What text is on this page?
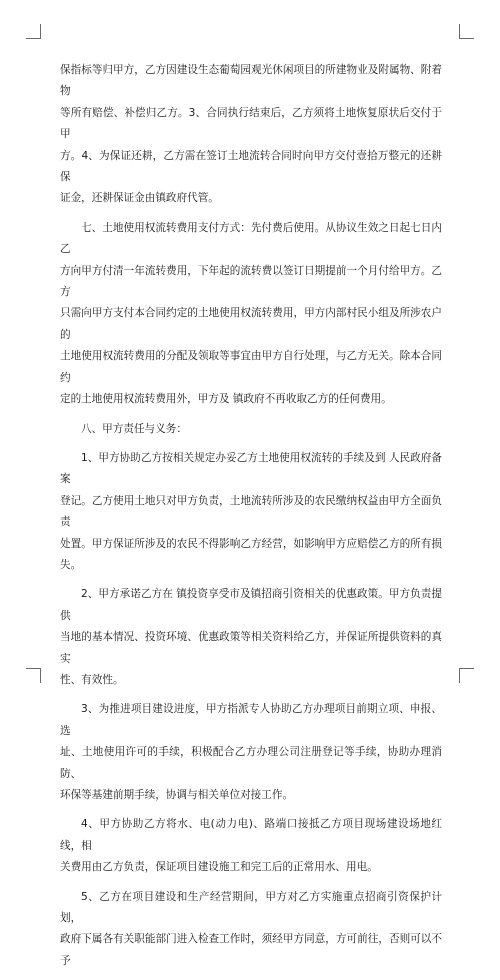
保指标等归甲方，乙方因建设生态葡萄园观光休闲项目的所建物业及附属物、附着物
等所有赔偿、补偿归乙方。3、合同执行结束后，乙方须将土地恢复原状后交付于甲
方。4、为保证还耕，乙方需在签订土地流转合同时向甲方交付壹拾万整元的还耕保
证金，还耕保证金由镇政府代管。

七、土地使用权流转费用支付方式：先付费后使用。从协议生效之日起七日内乙
方向甲方付清一年流转费用，下年起的流转费以签订日期提前一个月付给甲方。乙方
只需向甲方支付本合同约定的土地使用权流转费用，甲方内部村民小组及所涉农户的
土地使用权流转费用的分配及领取等事宜由甲方自行处理，与乙方无关。除本合同约
定的土地使用权流转费用外，甲方及 镇政府不再收取乙方的任何费用。

八、甲方责任与义务：

1、甲方协助乙方按相关规定办妥乙方土地使用权流转的手续及到 人民政府备案
登记。乙方使用土地只对甲方负责，土地流转所涉及的农民缴纳权益由甲方全面负责
处置。甲方保证所涉及的农民不得影响乙方经营，如影响甲方应赔偿乙方的所有损失。

2、甲方承诺乙方在 镇投资享受市及镇招商引资相关的优惠政策。甲方负责提供
当地的基本情况、投资环境、优惠政策等相关资料给乙方，并保证所提供资料的真实
性、有效性。

3、为推进项目建设进度，甲方指派专人协助乙方办理项目前期立项、申报、选
址、土地使用许可的手续，积极配合乙方办理公司注册登记等手续，协助办理消防、
环保等基建前期手续，协调与相关单位对接工作。

4、甲方协助乙方将水、电(动力电)、路端口接抵乙方项目现场建设场地红线，相
关费用由乙方负责，保证项目建设施工和完工后的正常用水、用电。

5、乙方在项目建设和生产经营期间，甲方对乙方实施重点招商引资保护计划，
政府下属各有关职能部门进入检查工作时，须经甲方同意，方可前往，否则可以不予
